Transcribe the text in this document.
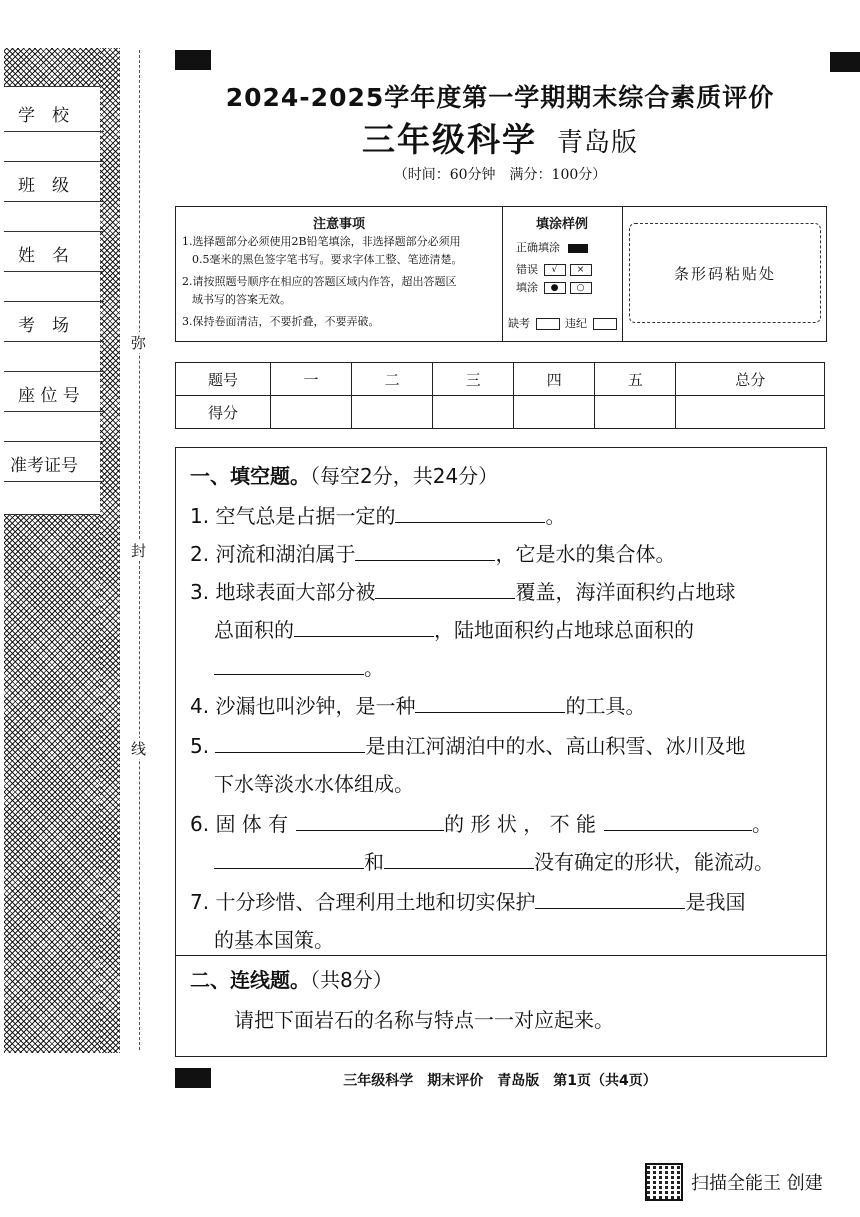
学　校
班　级
姓　名
考　场
座 位 号
准考证号
弥
封
线
2024-2025学年度第一学期期末综合素质评价
三年级科学 青岛版
（时间：60分钟　满分：100分）
注意事项
1.选择题部分必须使用2B铅笔填涂，非选择题部分必须用
0.5毫米的黑色签字笔书写。要求字体工整、笔迹清楚。
2.请按照题号顺序在相应的答题区域内作答，超出答题区
域书写的答案无效。
3.保持卷面清洁，不要折叠，不要弄破。
填涂样例
正确填涂
错误 √ ×
填涂 ● ○
缺考	违纪
条形码粘贴处
题号	一	二	三	四	五	总分
得分						
一、填空题。（每空2分，共24分）
1. 空气总是占据一定的	。
2. 河流和湖泊属于	，它是水的集合体。
3. 地球表面大部分被	覆盖，海洋面积约占地球
总面积的	，陆地面积约占地球总面积的
。
4. 沙漏也叫沙钟，是一种	的工具。
5.	是由江河湖泊中的水、高山积雪、冰川及地
下水等淡水水体组成。
6. 固 体 有	的 形 状 ， 不 能	。
和	没有确定的形状，能流动。
7. 十分珍惜、合理利用土地和切实保护	是我国
的基本国策。
二、连线题。（共8分）
请把下面岩石的名称与特点一一对应起来。
三年级科学　期末评价　青岛版　第1页（共4页）
扫描全能王 创建
